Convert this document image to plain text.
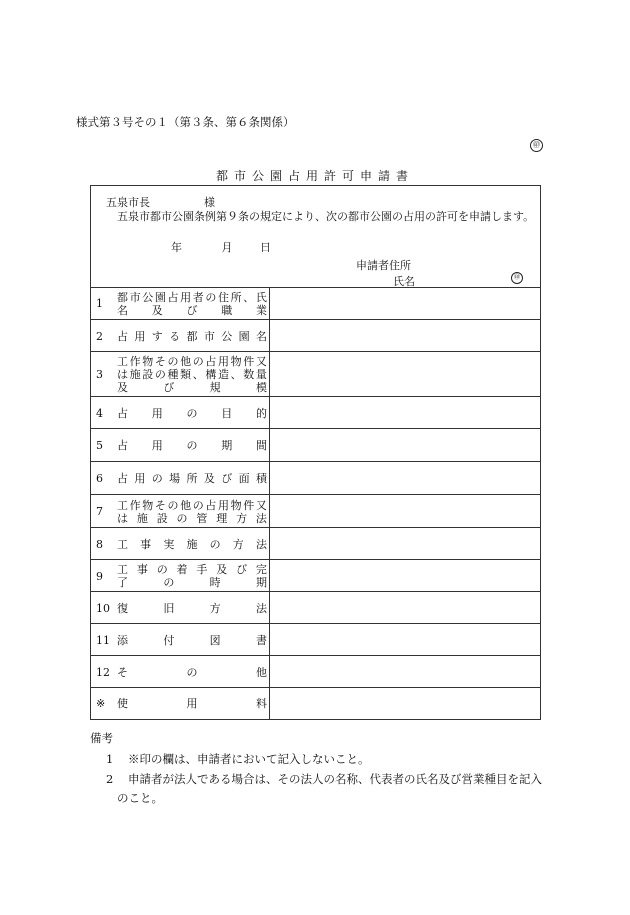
様式第３号その１（第３条、第６条関係）
㊞
都市公園占用許可申請書
五泉市長	様
　五泉市都市公園条例第９条の規定により、次の都市公園の占用の許可を申請します。
年	月	日
申請者住所
氏名	㊞
1 都 市 公 園 占 用 者 の 住 所 、 氏
名 及 び 職 業
2 占 用 す る 都 市 公 園 名
3
工 作 物 そ の 他 の 占 用 物 件 又
は 施 設 の 種 類 、 構 造 、 数 量
及	び	規	模
4 占 用 の 目 的
5 占 用 の 期 間
6 占 用 の 場 所 及 び 面 積
7 工 作 物 そ の 他 の 占 用 物 件 又
は 施 設 の 管 理 方 法
8 工 事 実 施 の 方 法
9
工 事 の 着 手 及 び 完
了	の	時	期
10 復	旧	方	法
11 添	付	図	書
12 そ	の	他
※ 使	用	料
備考
1 ※印の欄は、申請者において記入しないこと。
2 申請者が法人である場合は、その法人の名称、代表者の氏名及び営業種目を記入
のこと。
